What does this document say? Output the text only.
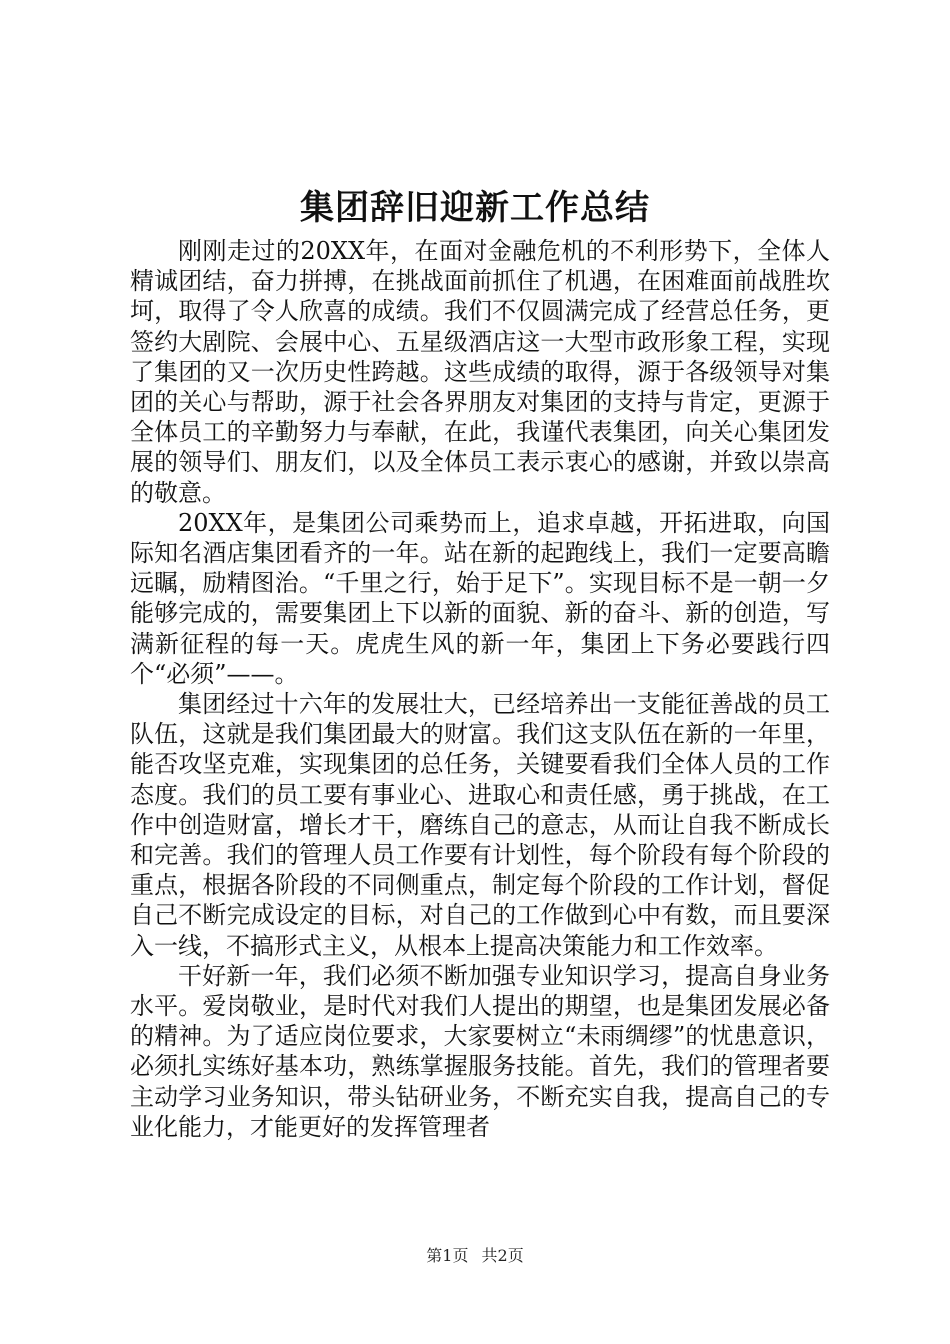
集团辞旧迎新工作总结

刚刚走过的20XX年，在面对金融危机的不利形势下，全体人精诚团结，奋力拼搏，在挑战面前抓住了机遇，在困难面前战胜坎坷，取得了令人欣喜的成绩。我们不仅圆满完成了经营总任务，更签约大剧院、会展中心、五星级酒店这一大型市政形象工程，实现了集团的又一次历史性跨越。这些成绩的取得，源于各级领导对集团的关心与帮助，源于社会各界朋友对集团的支持与肯定，更源于全体员工的辛勤努力与奉献，在此，我谨代表集团，向关心集团发展的领导们、朋友们，以及全体员工表示衷心的感谢，并致以崇高的敬意。

20XX年，是集团公司乘势而上，追求卓越，开拓进取，向国际知名酒店集团看齐的一年。站在新的起跑线上，我们一定要高瞻远瞩，励精图治。“千里之行，始于足下”。实现目标不是一朝一夕能够完成的，需要集团上下以新的面貌、新的奋斗、新的创造，写满新征程的每一天。虎虎生风的新一年，集团上下务必要践行四个“必须”——。

集团经过十六年的发展壮大，已经培养出一支能征善战的员工队伍，这就是我们集团最大的财富。我们这支队伍在新的一年里，能否攻坚克难，实现集团的总任务，关键要看我们全体人员的工作态度。我们的员工要有事业心、进取心和责任感，勇于挑战，在工作中创造财富，增长才干，磨练自己的意志，从而让自我不断成长和完善。我们的管理人员工作要有计划性，每个阶段有每个阶段的重点，根据各阶段的不同侧重点，制定每个阶段的工作计划，督促自己不断完成设定的目标，对自己的工作做到心中有数，而且要深入一线，不搞形式主义，从根本上提高决策能力和工作效率。

干好新一年，我们必须不断加强专业知识学习，提高自身业务水平。爱岗敬业，是时代对我们人提出的期望，也是集团发展必备的精神。为了适应岗位要求，大家要树立“未雨绸缪”的忧患意识，必须扎实练好基本功，熟练掌握服务技能。首先，我们的管理者要主动学习业务知识，带头钻研业务，不断充实自我，提高自己的专业化能力，才能更好的发挥管理者

第1页 共2页
